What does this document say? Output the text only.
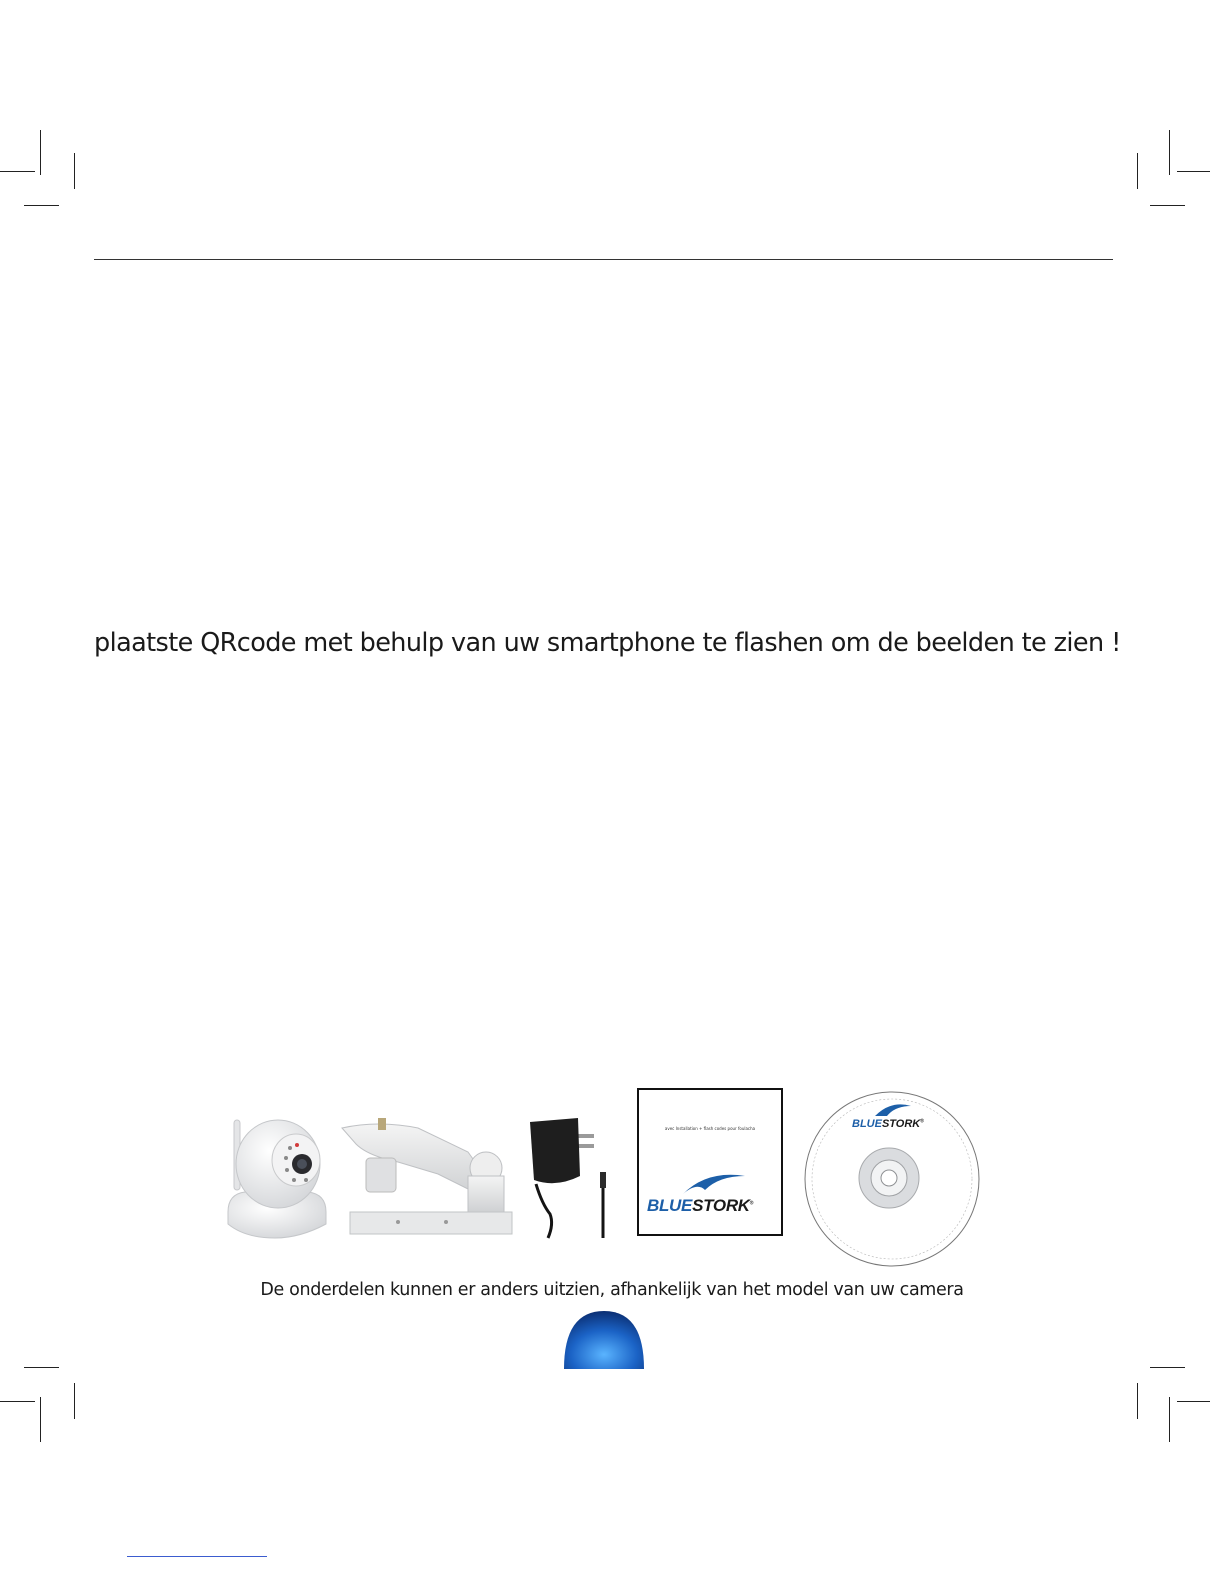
plaatste QRcode met behulp van uw smartphone te flashen om de beelden te zien !
avec Installation + flash codes pour foulacha
BLUESTORK®
BLUESTORK®
De onderdelen kunnen er anders uitzien, afhankelijk van het model van uw camera
